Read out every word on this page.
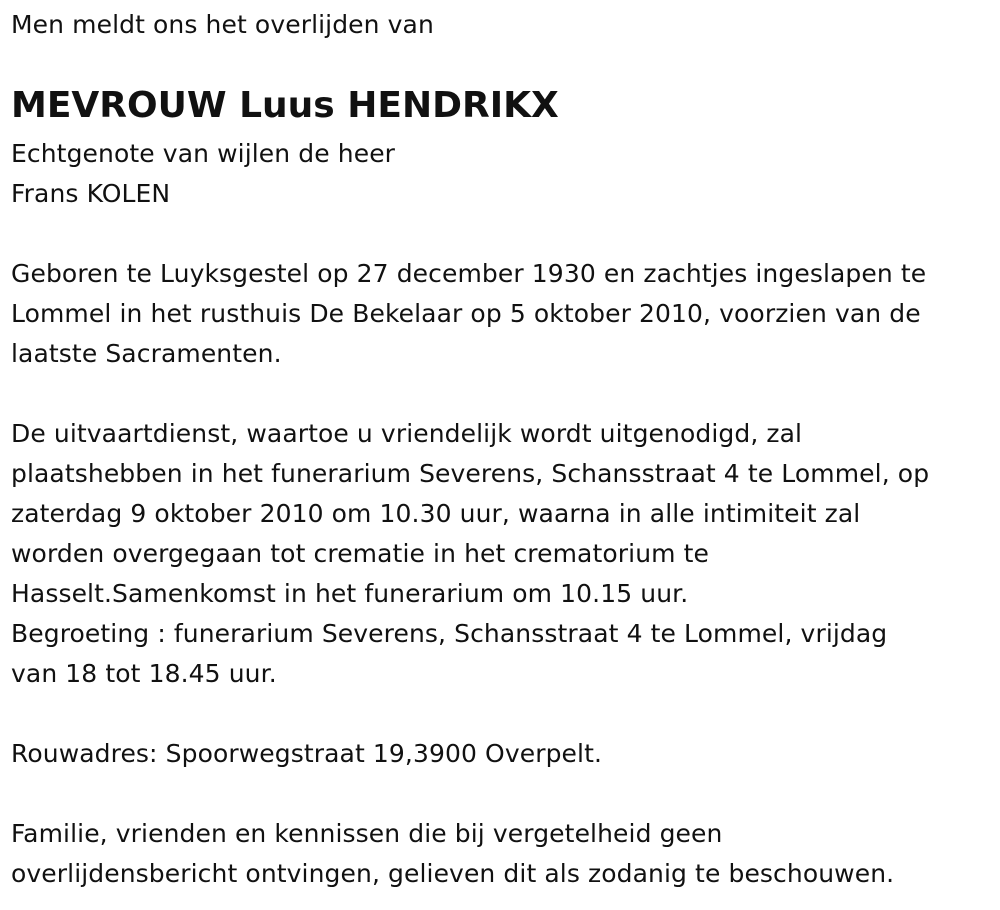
Men meldt ons het overlijden van
MEVROUW Luus HENDRIKX
Echtgenote van wijlen de heer
Frans KOLEN
Geboren te Luyksgestel op 27 december 1930 en zachtjes ingeslapen te
Lommel in het rusthuis De Bekelaar op 5 oktober 2010, voorzien van de
laatste Sacramenten.
De uitvaartdienst, waartoe u vriendelijk wordt uitgenodigd, zal
plaatshebben in het funerarium Severens, Schansstraat 4 te Lommel, op
zaterdag 9 oktober 2010 om 10.30 uur, waarna in alle intimiteit zal
worden overgegaan tot crematie in het crematorium te
Hasselt.Samenkomst in het funerarium om 10.15 uur.
Begroeting : funerarium Severens, Schansstraat 4 te Lommel, vrijdag
van 18 tot 18.45 uur.
Rouwadres: Spoorwegstraat 19,3900 Overpelt.
Familie, vrienden en kennissen die bij vergetelheid geen
overlijdensbericht ontvingen, gelieven dit als zodanig te beschouwen.
